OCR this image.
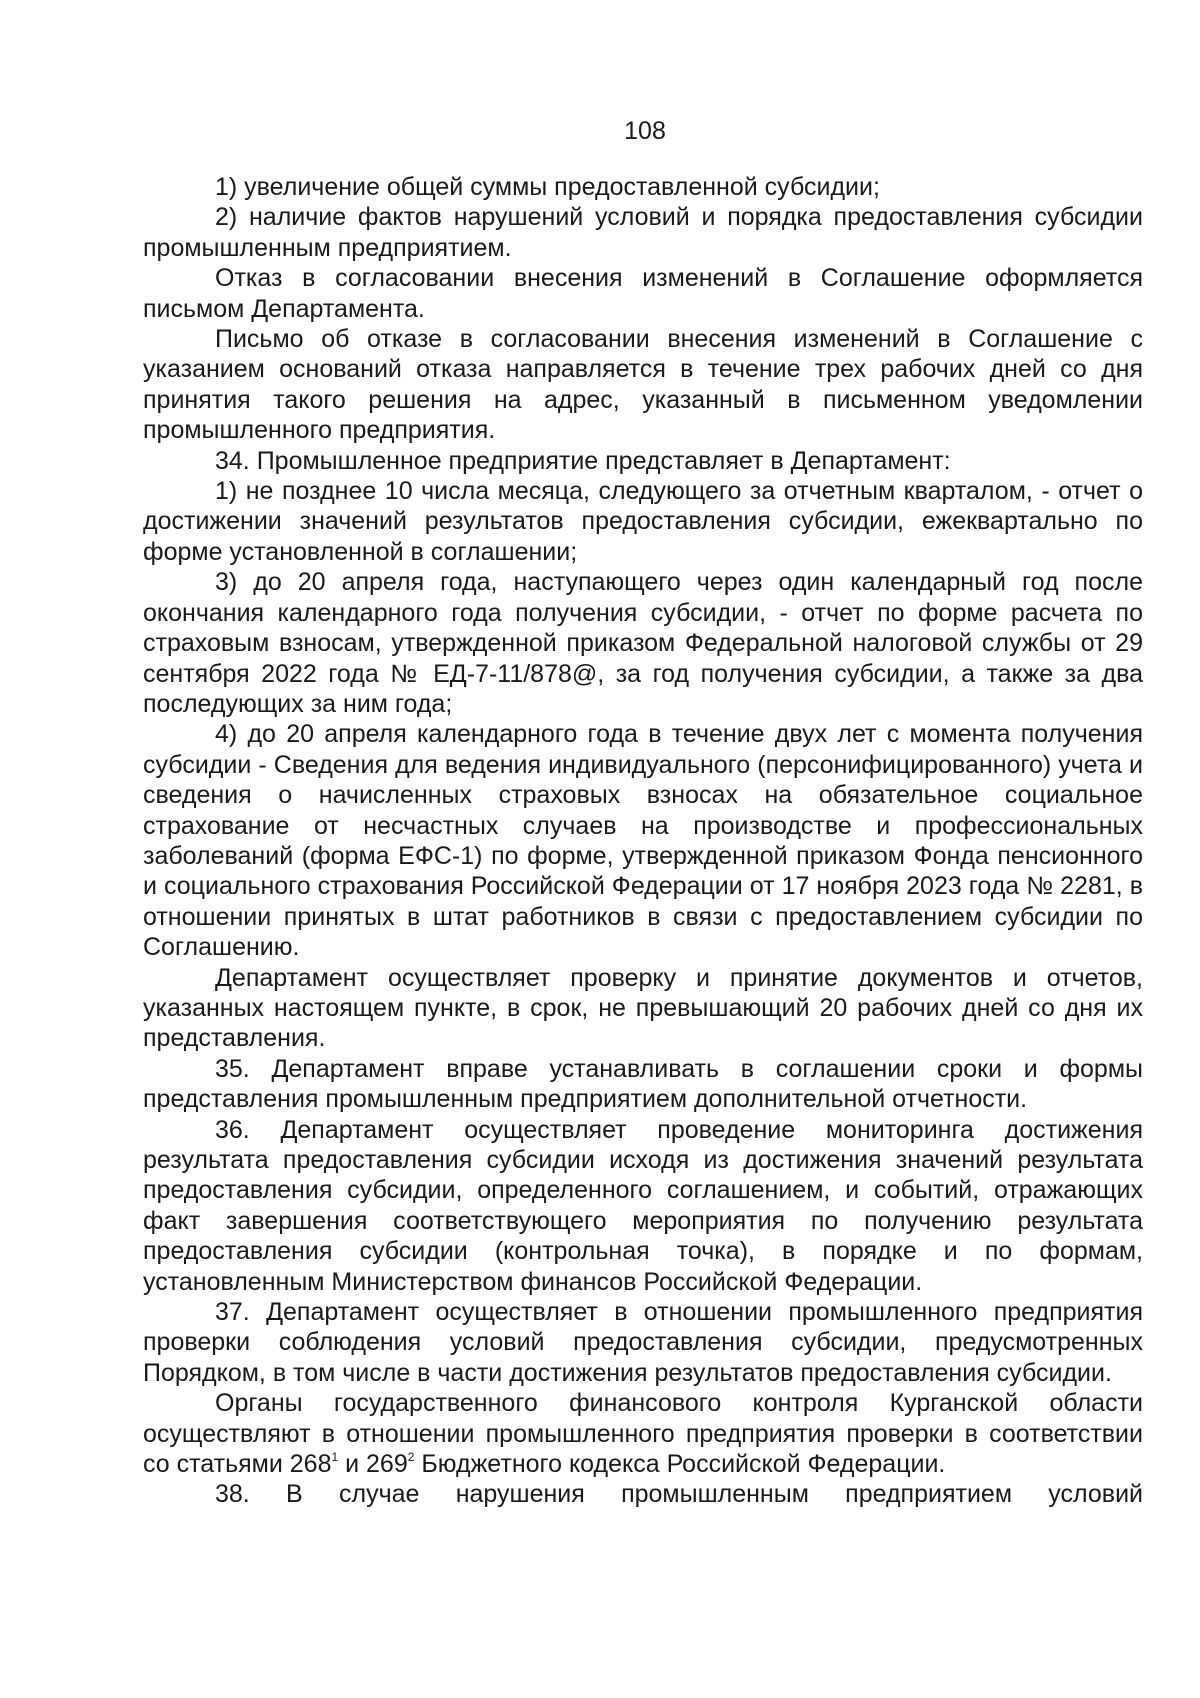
108

1) увеличение общей суммы предоставленной субсидии;

2) наличие фактов нарушений условий и порядка предоставления субсидии промышленным предприятием.

Отказ в согласовании внесения изменений в Соглашение оформляется письмом Департамента.

Письмо об отказе в согласовании внесения изменений в Соглашение с указанием оснований отказа направляется в течение трех рабочих дней со дня принятия такого решения на адрес, указанный в письменном уведомлении промышленного предприятия.

34. Промышленное предприятие представляет в Департамент:

1) не позднее 10 числа месяца, следующего за отчетным кварталом, - отчет о достижении значений результатов предоставления субсидии, ежеквартально по форме установленной в соглашении;

3) до 20 апреля года, наступающего через один календарный год после окончания календарного года получения субсидии, - отчет по форме расчета по страховым взносам, утвержденной приказом Федеральной налоговой службы от 29 сентября 2022 года № ЕД-7-11/878@, за год получения субсидии, а также за два последующих за ним года;

4) до 20 апреля календарного года в течение двух лет с момента получения субсидии - Сведения для ведения индивидуального (персонифицированного) учета и сведения о начисленных страховых взносах на обязательное социальное страхование от несчастных случаев на производстве и профессиональных заболеваний (форма ЕФС-1) по форме, утвержденной приказом Фонда пенсионного и социального страхования Российской Федерации от 17 ноября 2023 года № 2281, в отношении принятых в штат работников в связи с предоставлением субсидии по Соглашению.

Департамент осуществляет проверку и принятие документов и отчетов, указанных настоящем пункте, в срок, не превышающий 20 рабочих дней со дня их представления.

35. Департамент вправе устанавливать в соглашении сроки и формы представления промышленным предприятием дополнительной отчетности.

36. Департамент осуществляет проведение мониторинга достижения результата предоставления субсидии исходя из достижения значений результата предоставления субсидии, определенного соглашением, и событий, отражающих факт завершения соответствующего мероприятия по получению результата предоставления субсидии (контрольная точка), в порядке и по формам, установленным Министерством финансов Российской Федерации.

37. Департамент осуществляет в отношении промышленного предприятия проверки соблюдения условий предоставления субсидии, предусмотренных Порядком, в том числе в части достижения результатов предоставления субсидии.

Органы государственного финансового контроля Курганской области осуществляют в отношении промышленного предприятия проверки в соответствии со статьями $268^1$ и $269^2$ Бюджетного кодекса Российской Федерации.

38. В случае нарушения промышленным предприятием условий
